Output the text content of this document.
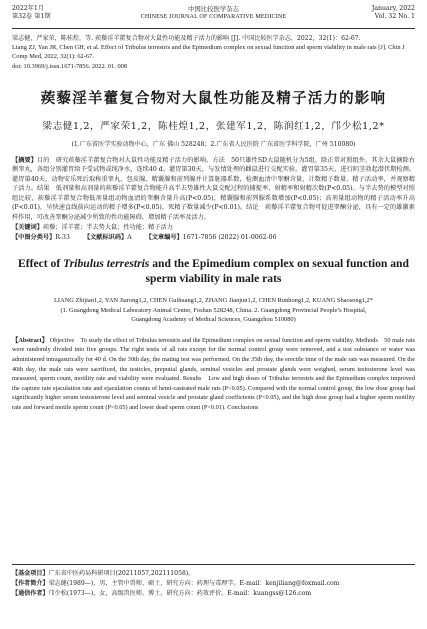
2022年1月
第32卷 第1期
中国比较医学杂志
CHINESE JOURNAL OF COMPARATIVE MEDICINE
January, 2022
Vol. 32 No. 1

梁志健，严家荣，陈桂煌，等. 蒺藜淫羊藿复合物对大鼠性功能及精子活力的影响 [J]. 中国比较医学杂志，2022，32(1)：62-67.

Liang ZJ, Yan JR, Chen GH, et al. Effect of Tribulus terrestris and the Epimedium complex on sexual function and sperm viability in male rats [J]. Chin J Comp Med, 2022, 32(1): 62-67.

doi: 10.3969/j.issn.1671-7856. 2022. 01. 008

蒺藜淫羊藿复合物对大鼠性功能及精子活力的影响
梁志健1,2，严家荣1,2，陈桂煌1,2，张建军1,2，陈润红1,2，邝少松1,2*
(1.广东省医学实验动物中心，广东 佛山 528248；2.广东省人民医院 广东省医学科学院，广州 510080)

【摘要】目的　研究蒺藜淫羊藿复合物对大鼠性功能及精子活力的影响。方法　50只雄性SD大鼠随机分为5组，除正常对照组外，其余大鼠摘除右侧睾丸，各组分别灌胃给予受试物或纯净水，连续40 d。灌胃第30天，与发情处理的雌鼠进行交配实验。灌胃第35天，进行阴茎勃起潜伏期检测。灌胃第40天，动物安乐死后取称重睾丸、包皮腺、精囊腺和前列腺并计算脏器系数，检测血清中睾酮含量，计数精子数量、精子活动率，并观察精子活力。结果　低剂量和高剂量的蒺藜淫羊藿复合物能升高半去势雄性大鼠交配过程的捕捉率、射精率和射精次数(P<0.05)。与半去势的模型对照组比较，蒺藜淫羊藿复合物低剂量组动物血清的睾酮含量升高(P<0.05)，精囊腺和前列腺系数增加(P<0.05)；高剂量组动物的精子活动率升高(P<0.01)，呈快速直线前向运动的精子增多(P<0.05)，死精子数量减少(P<0.01)。结论　蒺藜淫羊藿复合物可促进睾酮分泌，具有一定的雄激素样作用，可改善睾酮分泌减少所致的性功能障碍，增加精子活率及活力。

【关键词】蒺藜；淫羊藿；半去势大鼠；性功能；精子活力
【中图分类号】R-33 【文献标识码】A 【文章编号】1671-7856 (2022) 01-0062-06
Effect of Tribulus terrestris and the Epimedium complex on sexual function and sperm viability in male rats
LIANG Zhijian1,2, YAN Jiarong1,2, CHEN Guihuang1,2, ZHANG Jianjun1,2, CHEN Runhong1,2, KUANG Shaosong1,2*
(1. Guangdong Medical Laboratory Animal Center, Foshan 528248, China. 2. Guangdong Provincial People’s Hospital,
Guangdong Academy of Medical Sciences, Guangzhou 510080)

【Abstract】 Objective　To study the effect of Tribulus terrestris and the Epimedium complex on sexual function and sperm viability. Methods　50 male rats were randomly divided into five groups. The right testis of all rats except for the normal control group were removed, and a test substance or water was administered intragastrically for 40 d. On the 30th day, the mating test was performed. On the 35th day, the erectile time of the male rats was measured. On the 40th day, the male rats were sacrificed, the testicles, preputial glands, seminal vesicles and prostate glands were weighed, serum testosterone level was measured, sperm count, motility rate and viability were evaluated. Results　Low and high doses of Tribulus terrestris and the Epimedium complex improved the capture rate ejaculation rate and ejaculation counts of hemi-castrated male rats (P<0.05). Compared with the normal control group, the low dose group had significantly higher serum testosterone level and seminal vesicle and prostate gland coefficients (P<0.05), and the high dose group had a higher sperm motility rate and forward motile sperm count (P<0.05) and lower dead sperm count (P<0.01). Conclusions

【基金项目】广东省中医药局科研项目(20211057,202111058)。

【作者简介】梁志健(1989—)，男，主管中兽师，硕士，研究方向：药理与毒理学。E-mail：kenjiliang@foxmail.com

【通信作者】邝少松(1973—)，女，高级兽医师，博士，研究方向：药效评价。E-mail：kuangss@126.com
